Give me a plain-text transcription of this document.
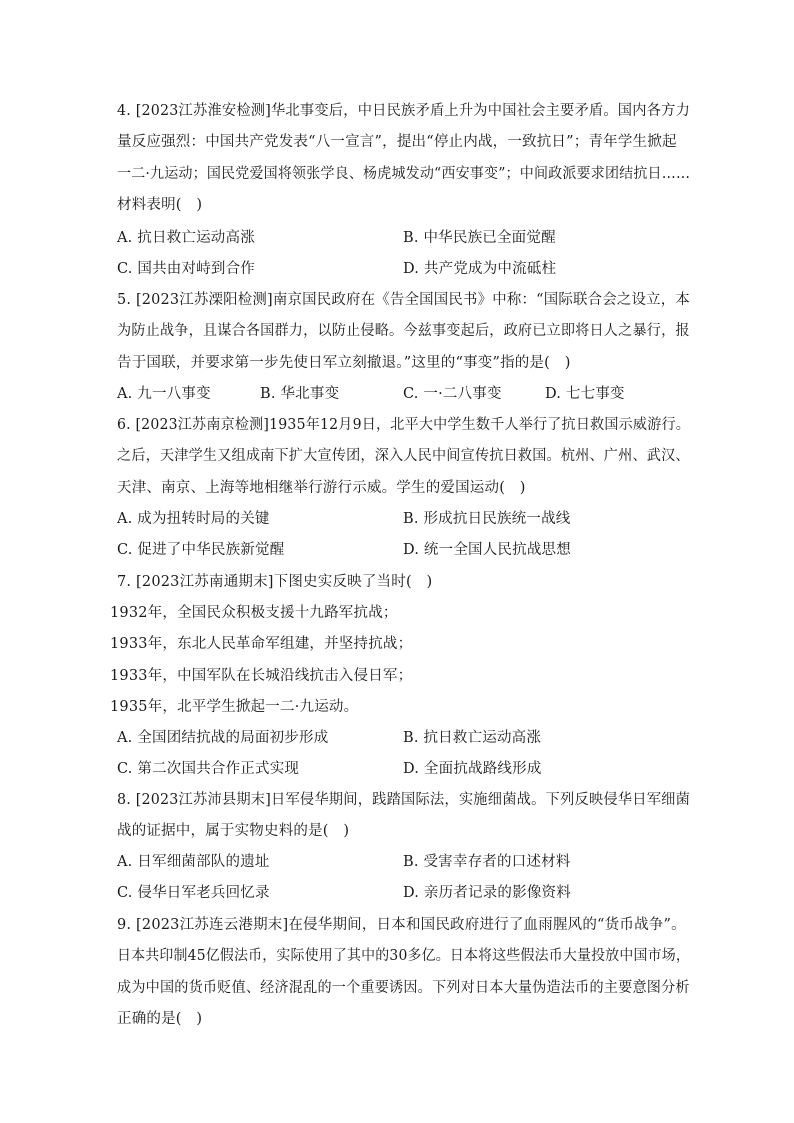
4. [2023江苏淮安检测]华北事变后，中日民族矛盾上升为中国社会主要矛盾。国内各方力
量反应强烈：中国共产党发表“八一宣言”，提出“停止内战，一致抗日”；青年学生掀起
一二·九运动；国民党爱国将领张学良、杨虎城发动“西安事变”；中间政派要求团结抗日……
材料表明(　)
A. 抗日救亡运动高涨	B. 中华民族已全面觉醒
C. 国共由对峙到合作	D. 共产党成为中流砥柱
5. [2023江苏溧阳检测]南京国民政府在《告全国国民书》中称：“国际联合会之设立，本
为防止战争，且谋合各国群力，以防止侵略。今兹事变起后，政府已立即将日人之暴行，报
告于国联，并要求第一步先使日军立刻撤退。”这里的“事变”指的是(　)
A. 九一八事变	B. 华北事变	C. 一·二八事变	D. 七七事变
6. [2023江苏南京检测]1935年12月9日，北平大中学生数千人举行了抗日救国示威游行。
之后，天津学生又组成南下扩大宣传团，深入人民中间宣传抗日救国。杭州、广州、武汉、
天津、南京、上海等地相继举行游行示威。学生的爱国运动(　)
A. 成为扭转时局的关键	B. 形成抗日民族统一战线
C. 促进了中华民族新觉醒	D. 统一全国人民抗战思想
7. [2023江苏南通期末]下图史实反映了当时(　)
1932年，全国民众积极支援十九路军抗战；
1933年，东北人民革命军组建，并坚持抗战；
1933年，中国军队在长城沿线抗击入侵日军；
1935年，北平学生掀起一二·九运动。
A. 全国团结抗战的局面初步形成	B. 抗日救亡运动高涨
C. 第二次国共合作正式实现	D. 全面抗战路线形成
8. [2023江苏沛县期末]日军侵华期间，践踏国际法，实施细菌战。下列反映侵华日军细菌
战的证据中，属于实物史料的是(　)
A. 日军细菌部队的遗址	B. 受害幸存者的口述材料
C. 侵华日军老兵回忆录	D. 亲历者记录的影像资料
9. [2023江苏连云港期末]在侵华期间，日本和国民政府进行了血雨腥风的“货币战争”。
日本共印制45亿假法币，实际使用了其中的30多亿。日本将这些假法币大量投放中国市场，
成为中国的货币贬值、经济混乱的一个重要诱因。下列对日本大量伪造法币的主要意图分析
正确的是(　)
